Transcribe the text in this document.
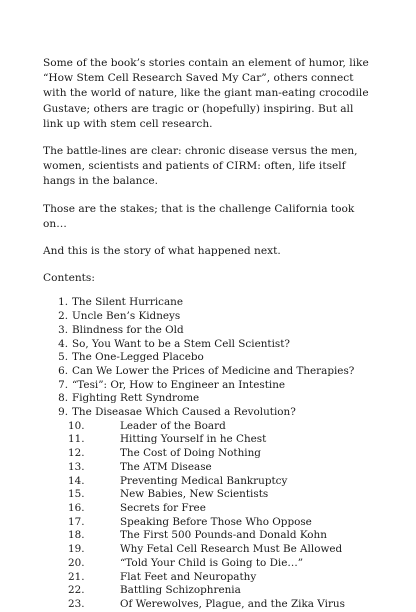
Some of the book’s stories contain an element of humor, like “How Stem Cell Research Saved My Car”, others connect with the world of nature, like the giant man-eating crocodile Gustave; others are tragic or (hopefully) inspiring. But all link up with stem cell research.

The battle-lines are clear: chronic disease versus the men, women, scientists and patients of CIRM: often, life itself hangs in the balance.

Those are the stakes; that is the challenge California took on…

And this is the story of what happened next.

Contents:

1. The Silent Hurricane
2. Uncle Ben’s Kidneys
3. Blindness for the Old
4. So, You Want to be a Stem Cell Scientist?
5. The One-Legged Placebo
6. Can We Lower the Prices of Medicine and Therapies?
7. “Tesi”: Or, How to Engineer an Intestine
8. Fighting Rett Syndrome
9. The Diseasae Which Caused a Revolution?
10.	Leader of the Board
11.	Hitting Yourself in he Chest
12.	The Cost of Doing Nothing
13.	The ATM Disease
14.	Preventing Medical Bankruptcy
15.	New Babies, New Scientists
16.	Secrets for Free
17.	Speaking Before Those Who Oppose
18.	The First 500 Pounds-and Donald Kohn
19.	Why Fetal Cell Research Must Be Allowed
20.	“Told Your Child is Going to Die…”
21.	Flat Feet and Neuropathy
22.	Battling Schizophrenia
23.	Of Werewolves, Plague, and the Zika Virus
